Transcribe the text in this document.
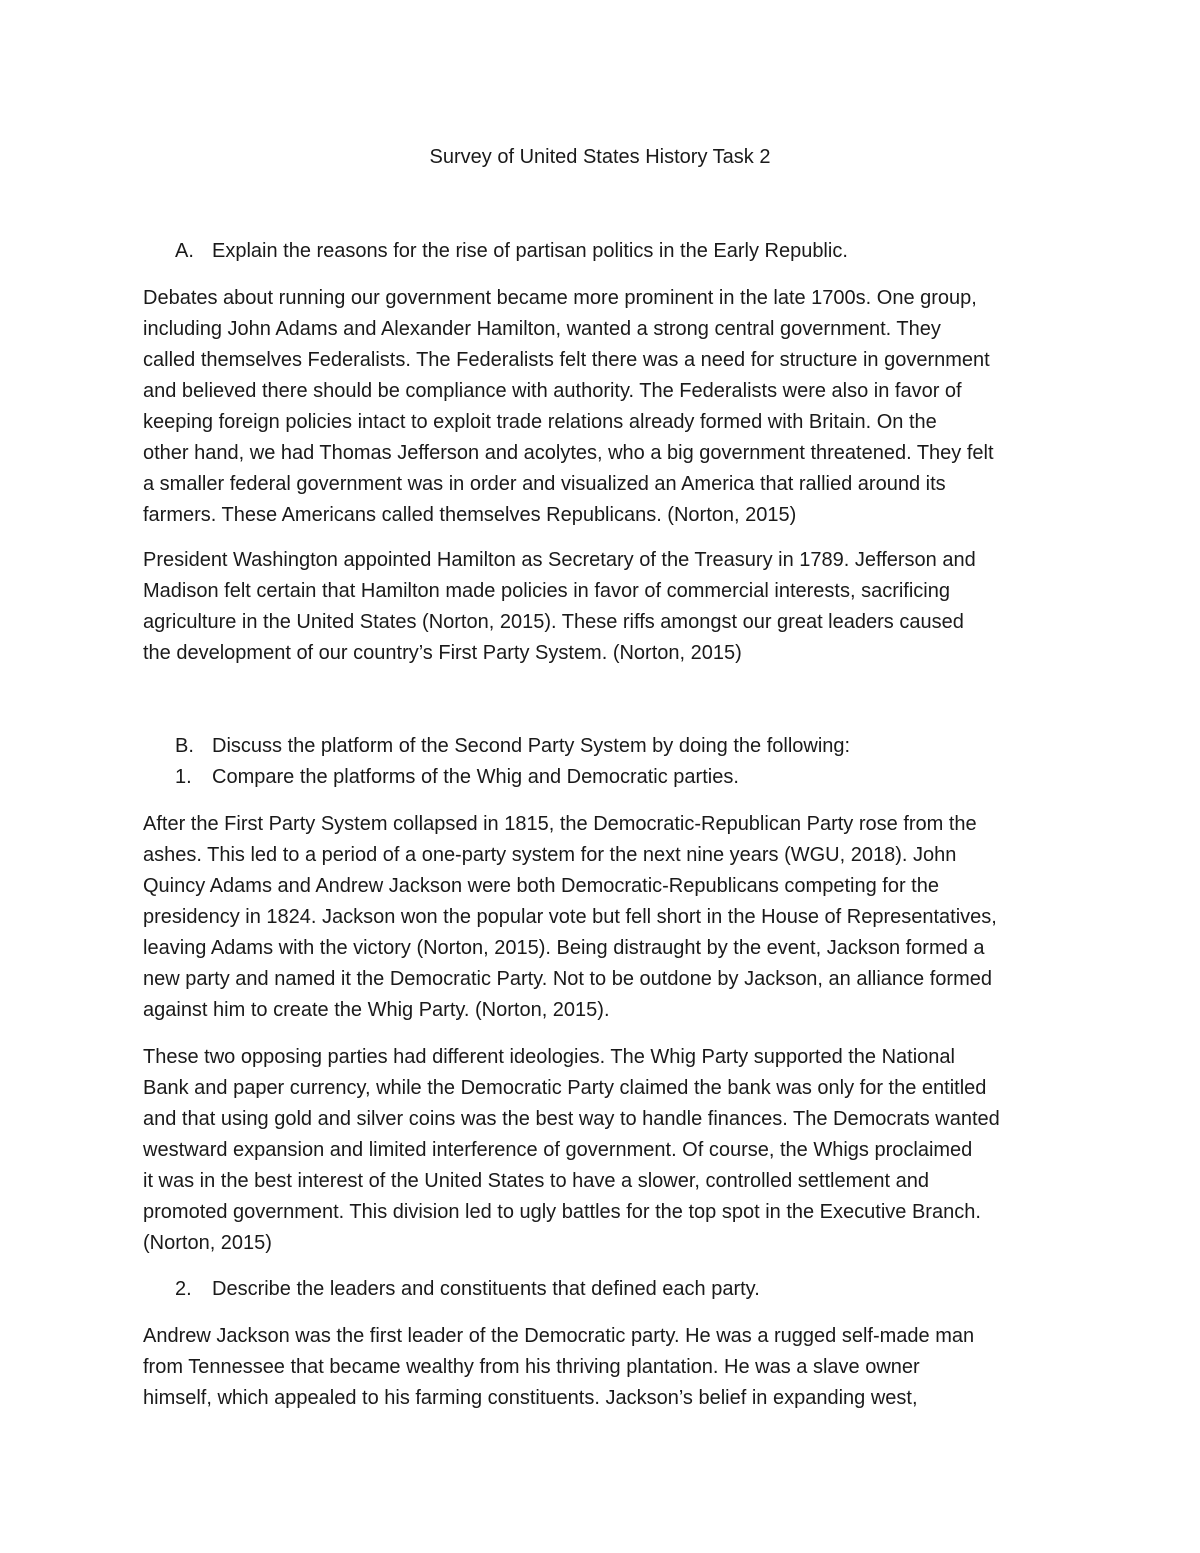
Survey of United States History Task 2
A. Explain the reasons for the rise of partisan politics in the Early Republic.
Debates about running our government became more prominent in the late 1700s. One group,
including John Adams and Alexander Hamilton, wanted a strong central government. They
called themselves Federalists. The Federalists felt there was a need for structure in government
and believed there should be compliance with authority. The Federalists were also in favor of
keeping foreign policies intact to exploit trade relations already formed with Britain. On the
other hand, we had Thomas Jefferson and acolytes, who a big government threatened. They felt
a smaller federal government was in order and visualized an America that rallied around its
farmers. These Americans called themselves Republicans. (Norton, 2015)
President Washington appointed Hamilton as Secretary of the Treasury in 1789. Jefferson and
Madison felt certain that Hamilton made policies in favor of commercial interests, sacrificing
agriculture in the United States (Norton, 2015). These riffs amongst our great leaders caused
the development of our country’s First Party System. (Norton, 2015)
B. Discuss the platform of the Second Party System by doing the following:
1. Compare the platforms of the Whig and Democratic parties.
After the First Party System collapsed in 1815, the Democratic-Republican Party rose from the
ashes. This led to a period of a one-party system for the next nine years (WGU, 2018). John
Quincy Adams and Andrew Jackson were both Democratic-Republicans competing for the
presidency in 1824. Jackson won the popular vote but fell short in the House of Representatives,
leaving Adams with the victory (Norton, 2015). Being distraught by the event, Jackson formed a
new party and named it the Democratic Party. Not to be outdone by Jackson, an alliance formed
against him to create the Whig Party. (Norton, 2015).
These two opposing parties had different ideologies. The Whig Party supported the National
Bank and paper currency, while the Democratic Party claimed the bank was only for the entitled
and that using gold and silver coins was the best way to handle finances. The Democrats wanted
westward expansion and limited interference of government. Of course, the Whigs proclaimed
it was in the best interest of the United States to have a slower, controlled settlement and
promoted government. This division led to ugly battles for the top spot in the Executive Branch.
(Norton, 2015)
2. Describe the leaders and constituents that defined each party.
Andrew Jackson was the first leader of the Democratic party. He was a rugged self-made man
from Tennessee that became wealthy from his thriving plantation. He was a slave owner
himself, which appealed to his farming constituents. Jackson’s belief in expanding west,
